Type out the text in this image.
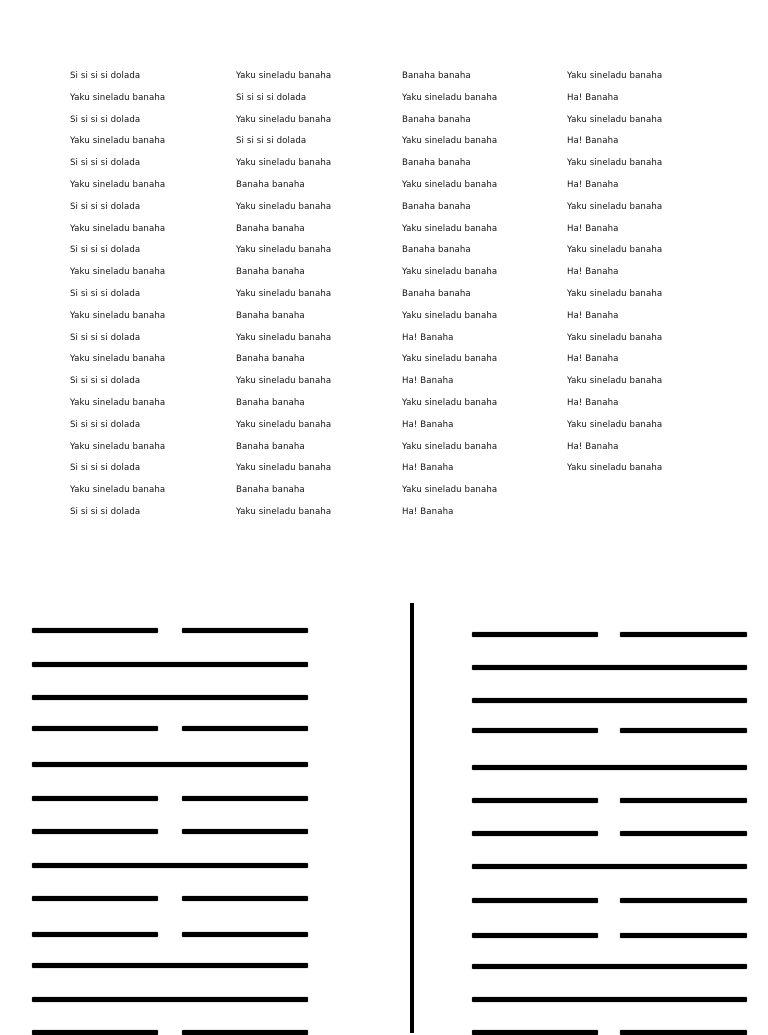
Si si si si dolada
Yaku sineladu banaha
Si si si si dolada
Yaku sineladu banaha
Si si si si dolada
Yaku sineladu banaha
Si si si si dolada
Yaku sineladu banaha
Si si si si dolada
Yaku sineladu banaha
Si si si si dolada
Yaku sineladu banaha
Si si si si dolada
Yaku sineladu banaha
Si si si si dolada
Yaku sineladu banaha
Si si si si dolada
Yaku sineladu banaha
Si si si si dolada
Yaku sineladu banaha
Si si si si dolada
Yaku sineladu banaha
Si si si si dolada
Yaku sineladu banaha
Si si si si dolada
Yaku sineladu banaha
Banaha banaha
Yaku sineladu banaha
Banaha banaha
Yaku sineladu banaha
Banaha banaha
Yaku sineladu banaha
Banaha banaha
Yaku sineladu banaha
Banaha banaha
Yaku sineladu banaha
Banaha banaha
Yaku sineladu banaha
Banaha banaha
Yaku sineladu banaha
Banaha banaha
Yaku sineladu banaha
Banaha banaha
Yaku sineladu banaha
Banaha banaha
Yaku sineladu banaha
Banaha banaha
Yaku sineladu banaha
Banaha banaha
Yaku sineladu banaha
Banaha banaha
Yaku sineladu banaha
Banaha banaha
Yaku sineladu banaha
Ha! Banaha
Yaku sineladu banaha
Ha! Banaha
Yaku sineladu banaha
Ha! Banaha
Yaku sineladu banaha
Ha! Banaha
Yaku sineladu banaha
Ha! Banaha
Yaku sineladu banaha
Ha! Banaha
Yaku sineladu banaha
Ha! Banaha
Yaku sineladu banaha
Ha! Banaha
Yaku sineladu banaha
Ha! Banaha
Yaku sineladu banaha
Ha! Banaha
Yaku sineladu banaha
Ha! Banaha
Yaku sineladu banaha
Ha! Banaha
Yaku sineladu banaha
Ha! Banaha
Yaku sineladu banaha
Ha! Banaha
Yaku sineladu banaha
